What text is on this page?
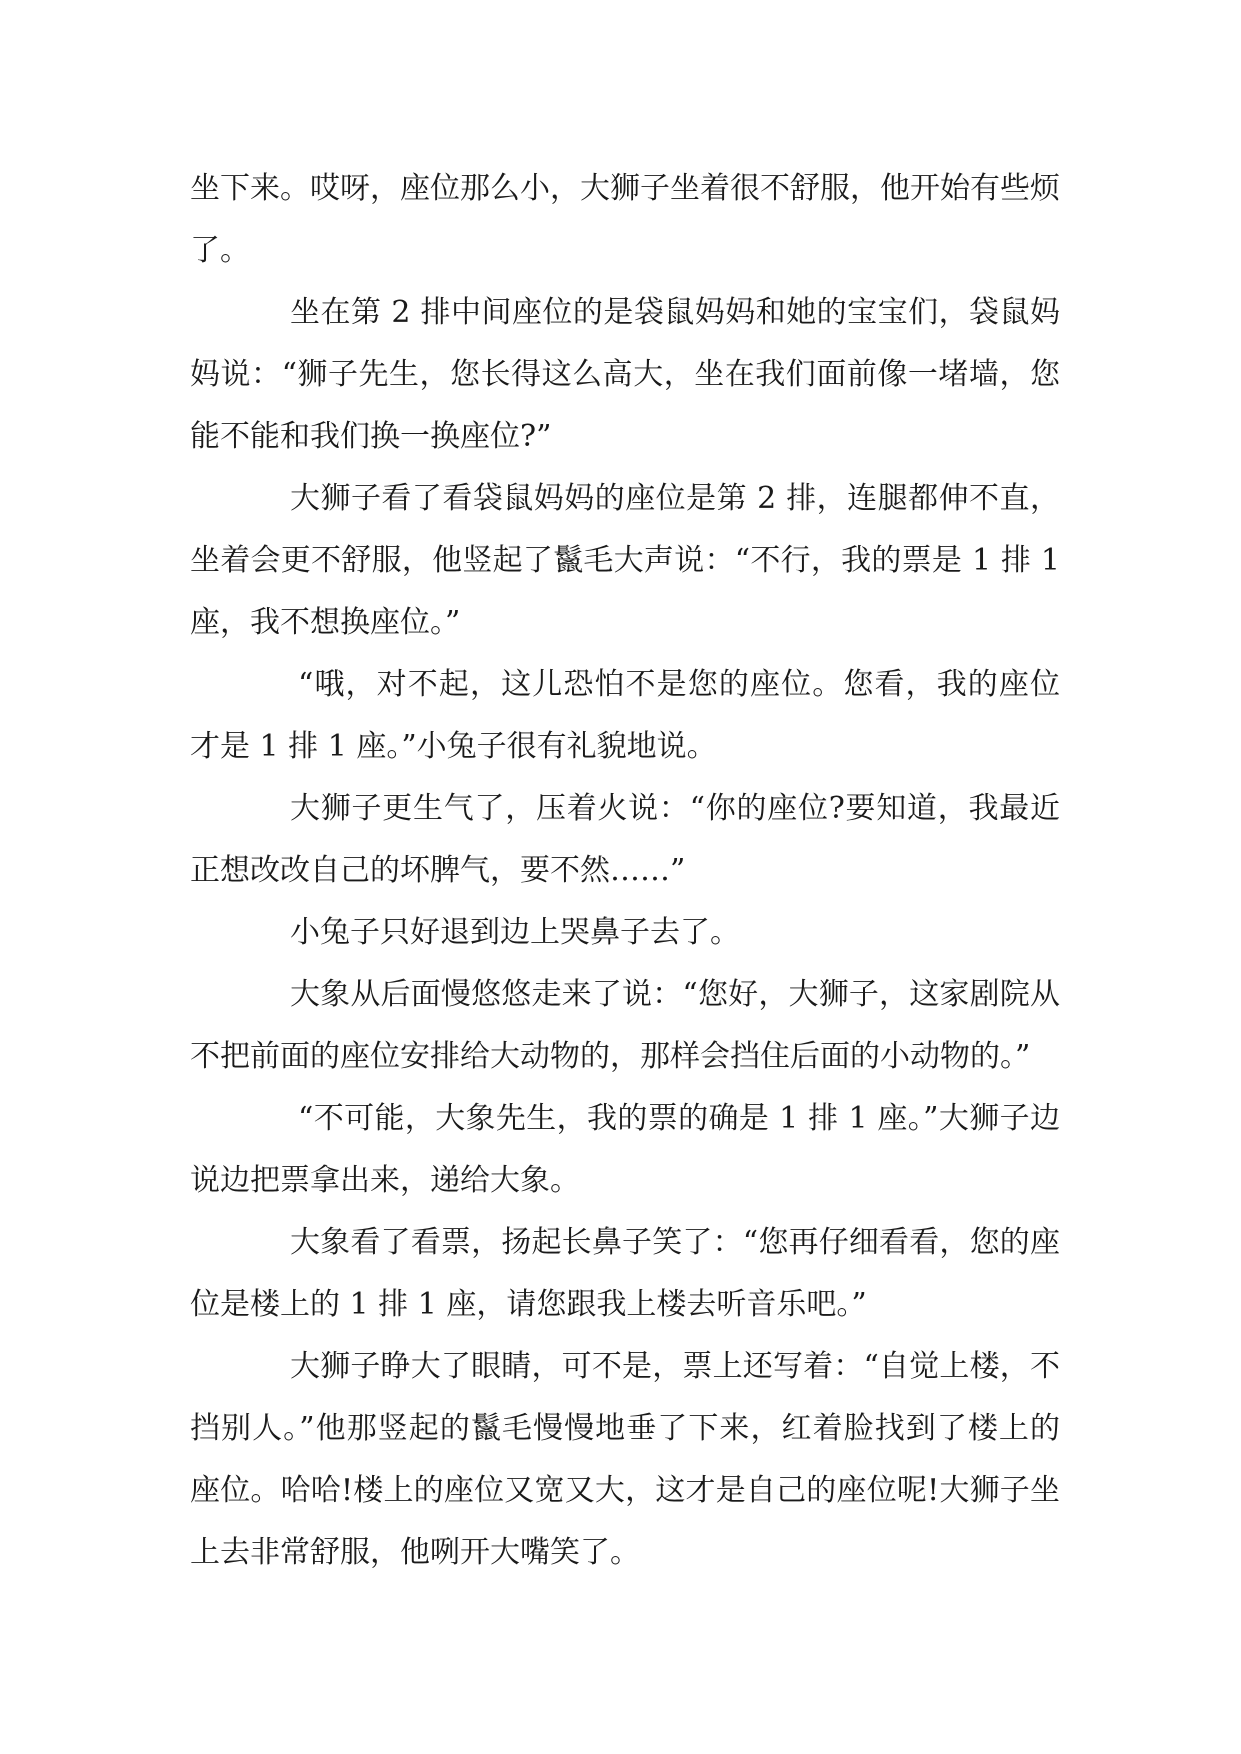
坐下来。哎呀，座位那么小，大狮子坐着很不舒服，他开始有些烦了。

坐在第 2 排中间座位的是袋鼠妈妈和她的宝宝们，袋鼠妈妈说：“狮子先生，您长得这么高大，坐在我们面前像一堵墙，您能不能和我们换一换座位?”

大狮子看了看袋鼠妈妈的座位是第 2 排，连腿都伸不直，坐着会更不舒服，他竖起了鬣毛大声说：“不行，我的票是 1 排 1 座，我不想换座位。”

“哦，对不起，这儿恐怕不是您的座位。您看，我的座位才是 1 排 1 座。”小兔子很有礼貌地说。

大狮子更生气了，压着火说：“你的座位?要知道，我最近正想改改自己的坏脾气，要不然……”

小兔子只好退到边上哭鼻子去了。

大象从后面慢悠悠走来了说：“您好，大狮子，这家剧院从不把前面的座位安排给大动物的，那样会挡住后面的小动物的。”

“不可能，大象先生，我的票的确是 1 排 1 座。”大狮子边说边把票拿出来，递给大象。

大象看了看票，扬起长鼻子笑了：“您再仔细看看，您的座位是楼上的 1 排 1 座，请您跟我上楼去听音乐吧。”

大狮子睁大了眼睛，可不是，票上还写着：“自觉上楼，不挡别人。”他那竖起的鬣毛慢慢地垂了下来，红着脸找到了楼上的座位。哈哈!楼上的座位又宽又大，这才是自己的座位呢!大狮子坐上去非常舒服，他咧开大嘴笑了。
